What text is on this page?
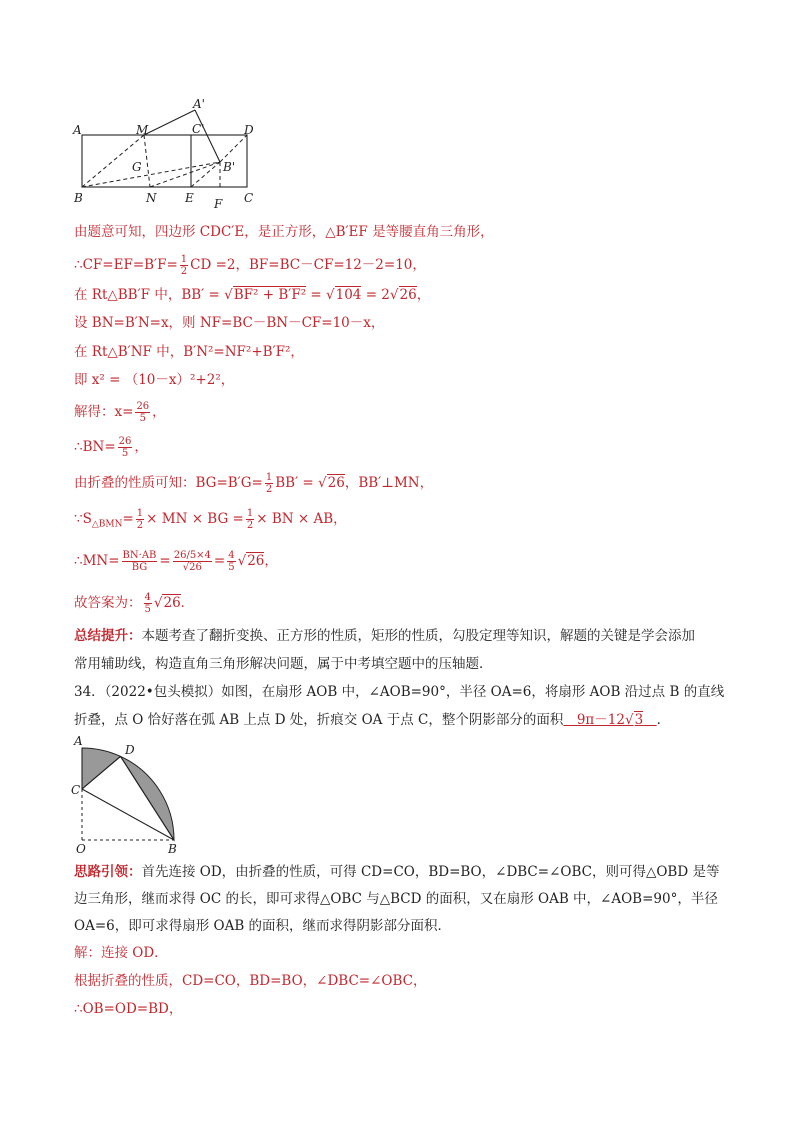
A	M
A'
C'	D
G	B'
B	N E	C
F
由题意可知，四边形 CDC′E，是正方形，△B′EF 是等腰直角三角形，
∴CF=EF=B′F= $\frac{1}{2}$ CD =2，BF=BC－CF=12－2=10，
在 Rt△BB′F 中，BB′ = √BF² + B′F² = √104 = 2√26，
设 BN=B′N=x，则 NF=BC－BN－CF=10－x，
在 Rt△B′NF 中，B′N²=NF²+B′F²，
即 x² = （10－x）²+2²，
解得：$x= \frac{26}{5}$ ，
∴BN= $\frac{26}{5}$ ，
由折叠的性质可知：$BG=B'G= \frac{1}{2} BB' = √26$，BB′⊥MN，
$\because S_{\triangle BMN}= \frac{1}{2}$ × MN × BG = $\frac{1}{2}$ × BN × AB，
∴MN= $\frac{BN\cdot AB}{BG} = \frac{26/5\times 4}{√26} = \frac{4}{5} √26$，
故答案为： $\frac{4}{5} √26$．
总结提升：本题考查了翻折变换、正方形的性质，矩形的性质，勾股定理等知识，解题的关键是学会添加
常用辅助线，构造直角三角形解决问题，属于中考填空题中的压轴题．
34．（2022•包头模拟）如图，在扇形 AOB 中，∠AOB=90°，半径 OA=6，将扇形 AOB 沿过点 B 的直线
折叠，点 O 恰好落在弧 AB 上点 D 处，折痕交 OA 于点 C，整个阴影部分的面积　9π－12√3　 ．
A
D
C
O	B
思路引领：首先连接 OD，由折叠的性质，可得 CD=CO，BD=BO，∠DBC=∠OBC，则可得△OBD 是等
边三角形，继而求得 OC 的长，即可求得△OBC 与△BCD 的面积，又在扇形 OAB 中，∠AOB=90°，半径
OA=6，即可求得扇形 OAB 的面积，继而求得阴影部分面积．
解：连接 OD．
根据折叠的性质，CD=CO，BD=BO，∠DBC=∠OBC，
∴OB=OD=BD，
